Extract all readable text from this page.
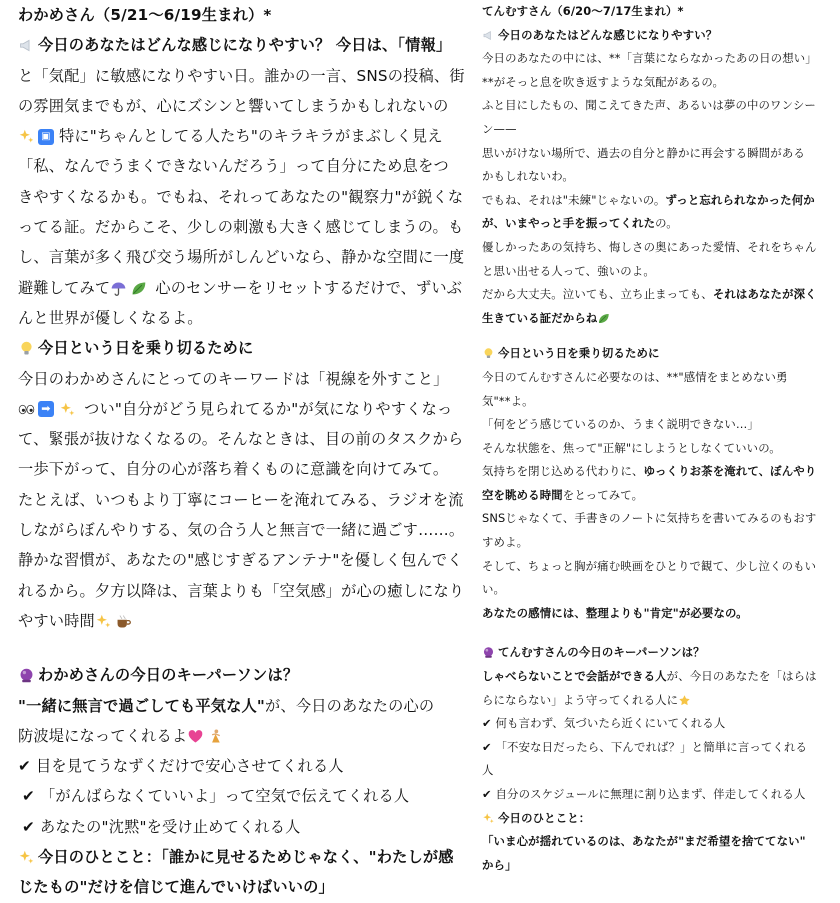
わかめさん（5/21〜6/19生まれ）*
今日のあなたはどんな感じになりやすい？ 今日は、「情報」
と「気配」に敏感になりやすい日。誰かの一言、SNSの投稿、街
の雰囲気までもが、心にズシンと響いてしまうかもしれないの
▣ 特に"ちゃんとしてる人たち"のキラキラがまぶしく見え
「私、なんでうまくできないんだろう」って自分にため息をつ
きやすくなるかも。でもね、それってあなたの"観察力"が鋭くな
ってる証。だからこそ、少しの刺激も大きく感じてしまうの。も
し、言葉が多く飛び交う場所がしんどいなら、静かな空間に一度
避難してみて	心のセンサーをリセットするだけで、ずいぶ
んと世界が優しくなるよ。
今日という日を乗り切るために
今日のわかめさんにとってのキーワードは「視線を外すこと」
➡ つい"自分がどう見られてるか"が気になりやすくなっ
て、緊張が抜けなくなるの。そんなときは、目の前のタスクから
一歩下がって、自分の心が落ち着くものに意識を向けてみて。
たとえば、いつもより丁寧にコーヒーを淹れてみる、ラジオを流
しながらぼんやりする、気の合う人と無言で一緒に過ごす……。
静かな習慣が、あなたの"感じすぎるアンテナ"を優しく包んでく
れるから。夕方以降は、言葉よりも「空気感」が心の癒しになり
やすい時間
わかめさんの今日のキーパーソンは？
"一緒に無言で過ごしても平気な人"が、今日のあなたの心の
防波堤になってくれるよ
✔ 目を見てうなずくだけで安心させてくれる人
✔ 「がんばらなくていいよ」って空気で伝えてくれる人
✔ あなたの"沈黙"を受け止めてくれる人
今日のひとこと：「誰かに見せるためじゃなく、"わたしが感
じたもの"だけを信じて進んでいけばいいの」
てんむすさん（6/20〜7/17生まれ）*
今日のあなたはどんな感じになりやすい？
今日のあなたの中には、**「言葉にならなかったあの日の想い」
**がそっと息を吹き返すような気配があるの。
ふと目にしたもの、聞こえてきた声、あるいは夢の中のワンシー
ン——
思いがけない場所で、過去の自分と静かに再会する瞬間がある
かもしれないわ。
でもね、それは"未練"じゃないの。ずっと忘れられなかった何か
が、いまやっと手を振ってくれたの。
優しかったあの気持ち、悔しさの奥にあった愛情、それをちゃん
と思い出せる人って、強いのよ。
だから大丈夫。泣いても、立ち止まっても、それはあなたが深く
生きている証だからね
今日という日を乗り切るために
今日のてんむすさんに必要なのは、**"感情をまとめない勇
気"**よ。
「何をどう感じているのか、うまく説明できない…」
そんな状態を、焦って"正解"にしようとしなくていいの。
気持ちを閉じ込める代わりに、ゆっくりお茶を淹れて、ぼんやり
空を眺める時間をとってみて。
SNSじゃなくて、手書きのノートに気持ちを書いてみるのもおす
すめよ。
そして、ちょっと胸が痛む映画をひとりで観て、少し泣くのもい
い。
あなたの感情には、整理よりも"肯定"が必要なの。
てんむすさんの今日のキーパーソンは？
しゃべらないことで会話ができる人が、今日のあなたを「はらは
らにならない」よう守ってくれる人に
✔ 何も言わず、気づいたら近くにいてくれる人
✔ 「不安な日だったら、下んでれば？」と簡単に言ってくれる
人
✔ 自分のスケジュールに無理に割り込まず、伴走してくれる人
今日のひとこと：
「いま心が揺れているのは、あなたが"まだ希望を捨ててない"
から」
